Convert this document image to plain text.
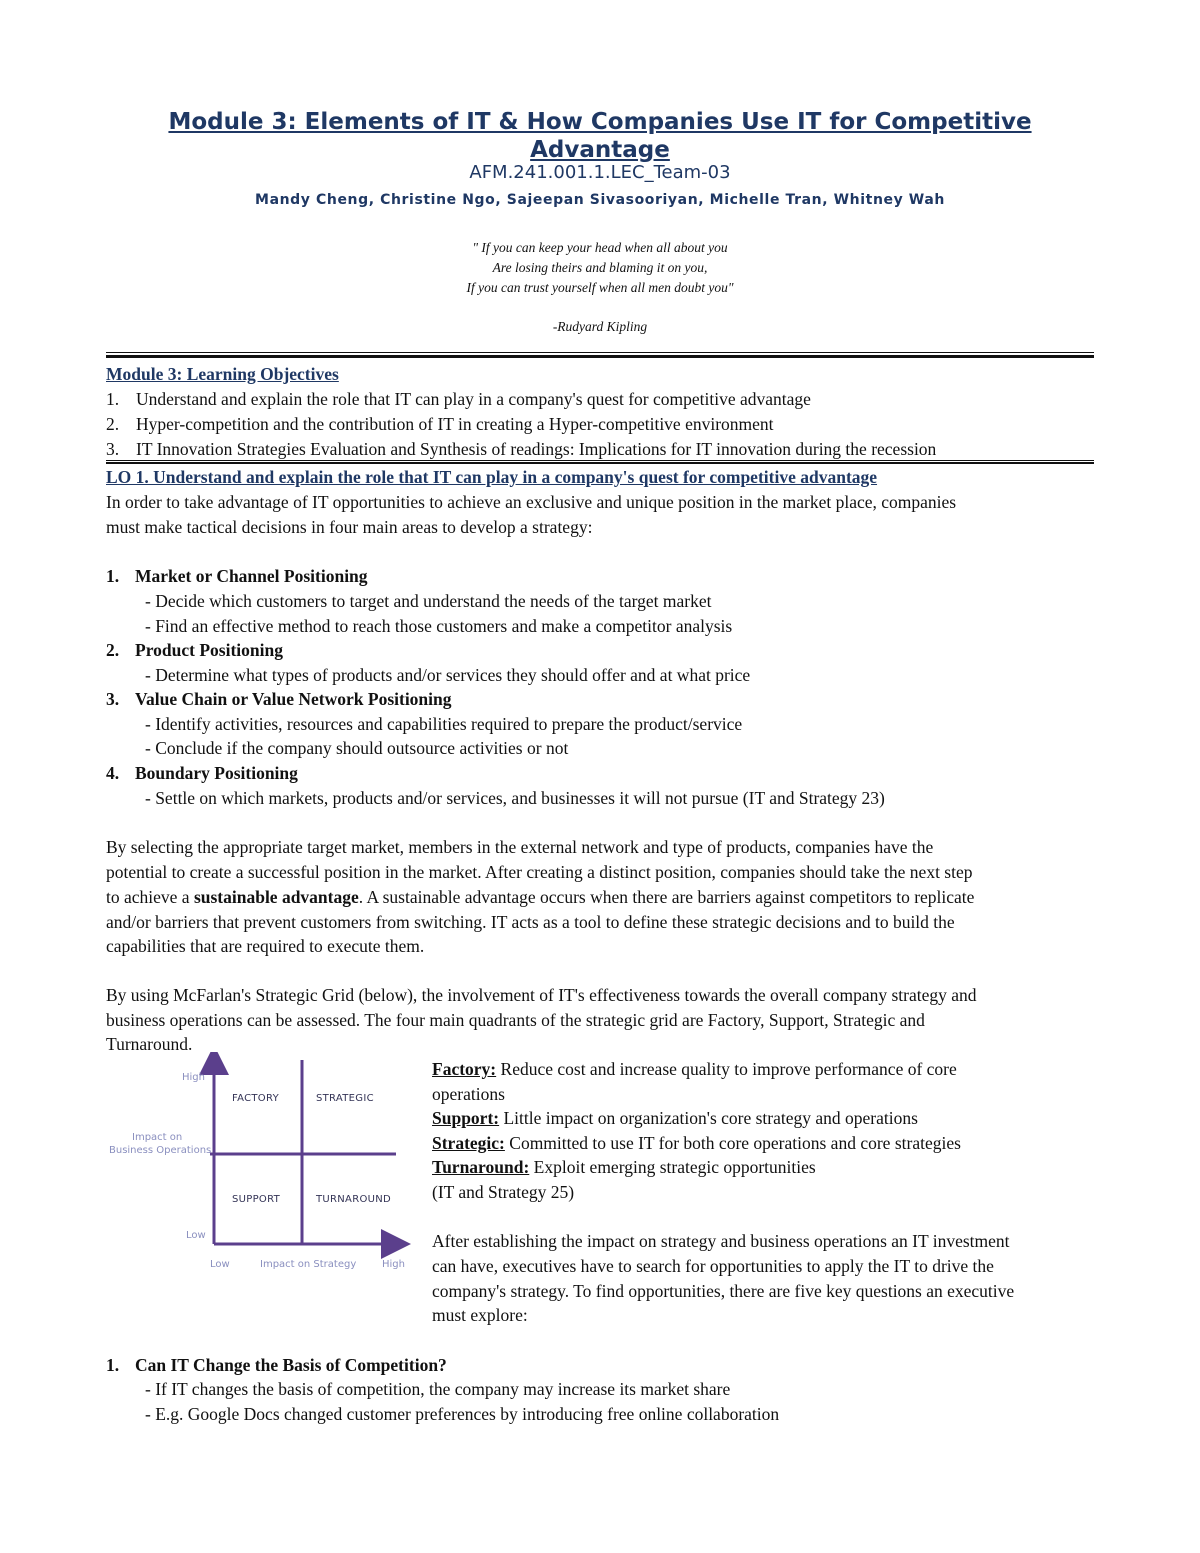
Module 3: Elements of IT & How Companies Use IT for Competitive
Advantage
AFM.241.001.1.LEC_Team-03
Mandy Cheng, Christine Ngo, Sajeepan Sivasooriyan, Michelle Tran, Whitney Wah
" If you can keep your head when all about you
Are losing theirs and blaming it on you,
If you can trust yourself when all men doubt you"
-Rudyard Kipling
Module 3: Learning Objectives
1. Understand and explain the role that IT can play in a company's quest for competitive advantage
2. Hyper-competition and the contribution of IT in creating a Hyper-competitive environment
3. IT Innovation Strategies Evaluation and Synthesis of readings: Implications for IT innovation during the recession
LO 1. Understand and explain the role that IT can play in a company's quest for competitive advantage
In order to take advantage of IT opportunities to achieve an exclusive and unique position in the market place, companies
must make tactical decisions in four main areas to develop a strategy:
1. Market or Channel Positioning
- Decide which customers to target and understand the needs of the target market
- Find an effective method to reach those customers and make a competitor analysis
2. Product Positioning
- Determine what types of products and/or services they should offer and at what price
3. Value Chain or Value Network Positioning
- Identify activities, resources and capabilities required to prepare the product/service
- Conclude if the company should outsource activities or not
4. Boundary Positioning
- Settle on which markets, products and/or services, and businesses it will not pursue (IT and Strategy 23)
By selecting the appropriate target market, members in the external network and type of products, companies have the
potential to create a successful position in the market. After creating a distinct position, companies should take the next step
to achieve a sustainable advantage. A sustainable advantage occurs when there are barriers against competitors to replicate
and/or barriers that prevent customers from switching. IT acts as a tool to define these strategic decisions and to build the
capabilities that are required to execute them.
By using McFarlan's Strategic Grid (below), the involvement of IT's effectiveness towards the overall company strategy and
business operations can be assessed. The four main quadrants of the strategic grid are Factory, Support, Strategic and
Turnaround.
High
Impact on
Business Operations
Low
Low	Impact on Strategy	High
FACTORY	STRATEGIC
SUPPORT	TURNAROUND
Factory: Reduce cost and increase quality to improve performance of core
operations
Support: Little impact on organization's core strategy and operations
Strategic: Committed to use IT for both core operations and core strategies
Turnaround: Exploit emerging strategic opportunities
(IT and Strategy 25)
After establishing the impact on strategy and business operations an IT investment
can have, executives have to search for opportunities to apply the IT to drive the
company's strategy. To find opportunities, there are five key questions an executive
must explore:
1. Can IT Change the Basis of Competition?
- If IT changes the basis of competition, the company may increase its market share
- E.g. Google Docs changed customer preferences by introducing free online collaboration
